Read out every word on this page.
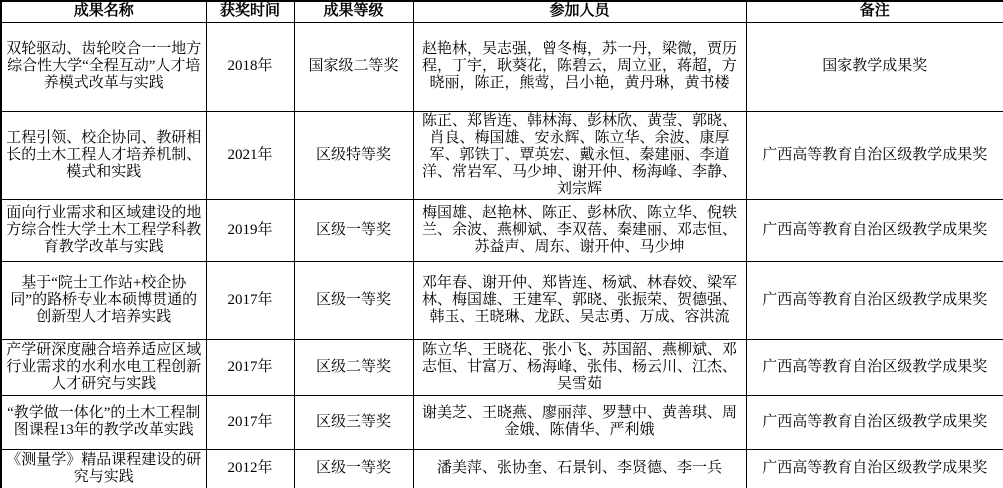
成果名称	获奖时间	成果等级	参加人员	备注
双轮驱动、齿轮咬合一一地方综合性大学“全程互动”人才培养模式改革与实践	2018年	国家级二等奖	赵艳林，吴志强，曾冬梅，苏一丹，梁微，贾历程，丁宇，耿葵花，陈碧云，周立亚，蒋超，方晓丽，陈正，熊莺，吕小艳，黄丹琳，黄书楼	国家教学成果奖
工程引领、校企协同、教研相长的土木工程人才培养机制、模式和实践	2021年	区级特等奖	陈正、郑皆连、韩林海、彭林欣、黄莹、郭晓、肖良、梅国雄、安永辉、陈立华、余波、康厚军、郭铁丁、覃英宏、戴永恒、秦建丽、李道洋、常岩军、马少坤、谢开仲、杨海峰、李静、刘宗辉	广西高等教育自治区级教学成果奖
面向行业需求和区域建设的地方综合性大学土木工程学科教育教学改革与实践	2019年	区级一等奖	梅国雄、赵艳林、陈正、彭林欣、陈立华、倪轶兰、余波、燕柳斌、李双蓓、秦建丽、邓志恒、苏益声、周东、谢开仲、马少坤	广西高等教育自治区级教学成果奖
基于“院士工作站+校企协同”的路桥专业本硕博贯通的创新型人才培养实践	2017年	区级一等奖	邓年春、谢开仲、郑皆连、杨斌、林春姣、梁军林、梅国雄、王建军、郭晓、张振荣、贺德强、韩玉、王晓琳、龙跃、吴志勇、万成、容洪流	广西高等教育自治区级教学成果奖
产学研深度融合培养适应区域行业需求的水利水电工程创新人才研究与实践	2017年	区级二等奖	陈立华、王晓花、张小飞、苏国韶、燕柳斌、邓志恒、甘富万、杨海峰、张伟、杨云川、江杰、吴雪茹	广西高等教育自治区级教学成果奖
“教学做一体化”的土木工程制图课程13年的教学改革实践	2017年	区级三等奖	谢美芝、王晓燕、廖丽萍、罗慧中、黄善琪、周金娥、陈倩华、严利娥	广西高等教育自治区级教学成果奖
《测量学》精品课程建设的研究与实践	2012年	区级一等奖	潘美萍、张协奎、石景钊、李贤德、李一兵	广西高等教育自治区级教学成果奖
